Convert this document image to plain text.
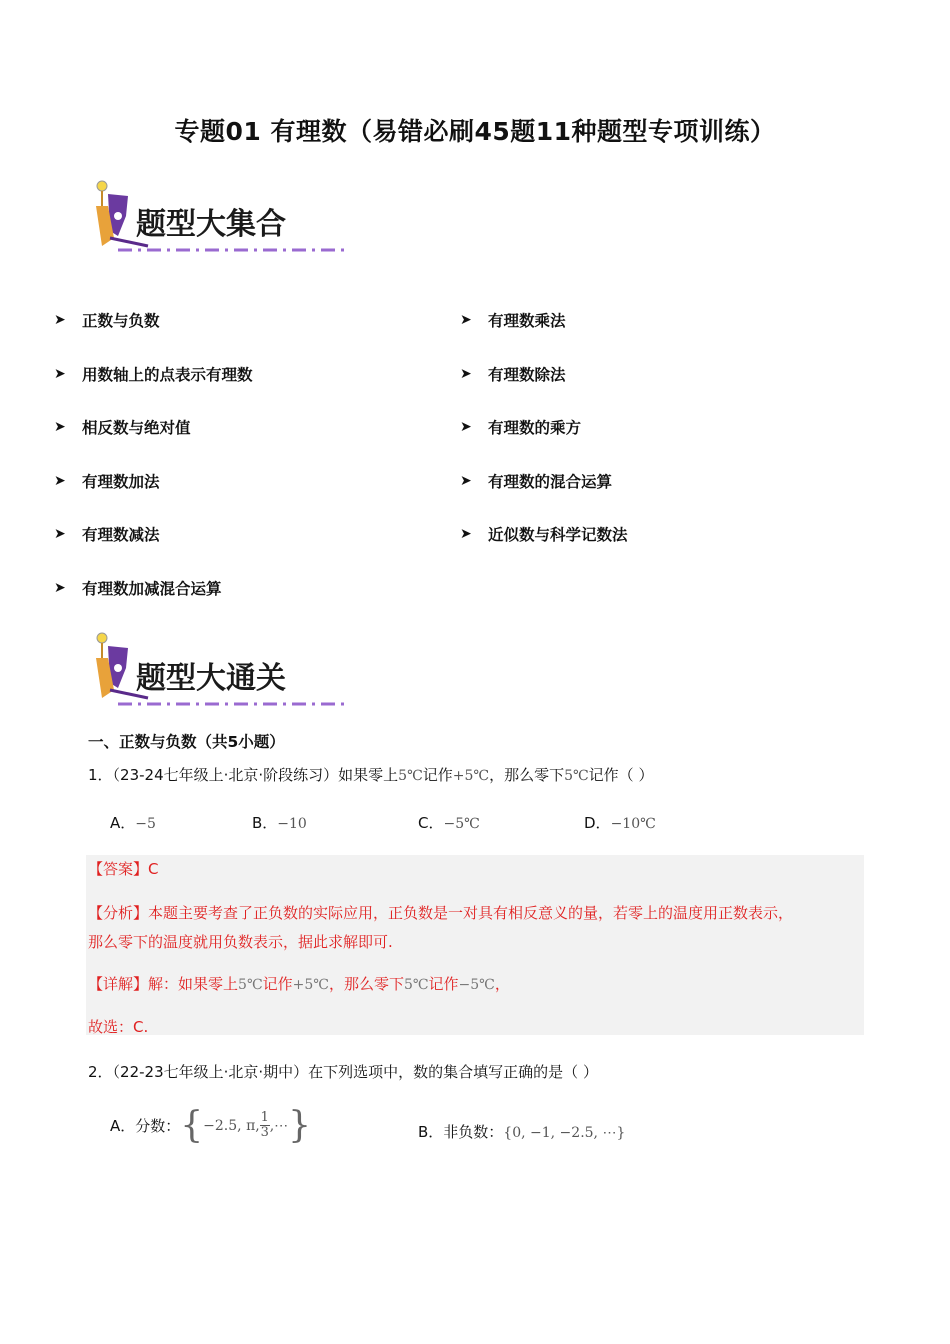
专题01 有理数（易错必刷45题11种题型专项训练）
题型大集合
➤	正数与负数
➤	用数轴上的点表示有理数
➤	相反数与绝对值
➤	有理数加法
➤	有理数减法
➤	有理数加减混合运算
➤	有理数乘法
➤	有理数除法
➤	有理数的乘方
➤	有理数的混合运算
➤	近似数与科学记数法
题型大通关
一、正数与负数（共5小题）
1．（23-24七年级上·北京·阶段练习）如果零上5℃记作+5℃，那么零下5℃记作（ ）
A．−5	B．−10	C．−5℃	D．−10℃
【答案】C
【分析】本题主要考查了正负数的实际应用，正负数是一对具有相反意义的量，若零上的温度用正数表示，
那么零下的温度就用负数表示，据此求解即可.
【详解】解：如果零上5℃记作+5℃，那么零下5℃记作−5℃，
故选：C.
2．（22-23七年级上·北京·期中）在下列选项中，数的集合填写正确的是（ ）
A．分数： { −2.5, π, $\frac{1}{3}$ ,⋯ }	B．非负数：{0, −1, −2.5, ⋯}
